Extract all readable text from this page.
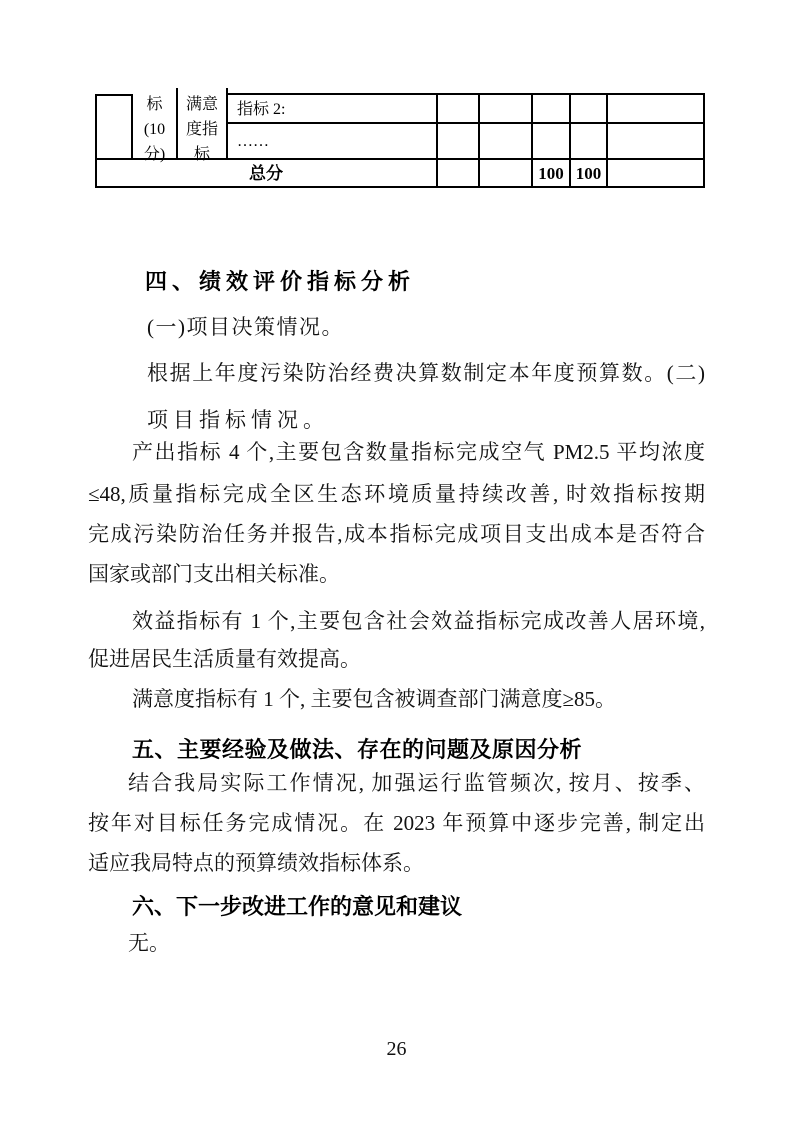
标
(10
分)
满意
度指
标
指标 2:
……
总分	100 100
四、绩效评价指标分析
(一)项目决策情况。
根据上年度污染防治经费决算数制定本年度预算数。(二)
项目指标情况。
产出指标 4 个,主要包含数量指标完成空气 PM2.5 平均浓度
≤48,质量指标完成全区生态环境质量持续改善, 时效指标按期
完成污染防治任务并报告,成本指标完成项目支出成本是否符合
国家或部门支出相关标准。
效益指标有 1 个,主要包含社会效益指标完成改善人居环境,
促进居民生活质量有效提高。
满意度指标有 1 个, 主要包含被调查部门满意度≥85。
五、主要经验及做法、存在的问题及原因分析
结合我局实际工作情况, 加强运行监管频次, 按月、按季、
按年对目标任务完成情况。在 2023 年预算中逐步完善, 制定出
适应我局特点的预算绩效指标体系。
六、下一步改进工作的意见和建议
无。
26
